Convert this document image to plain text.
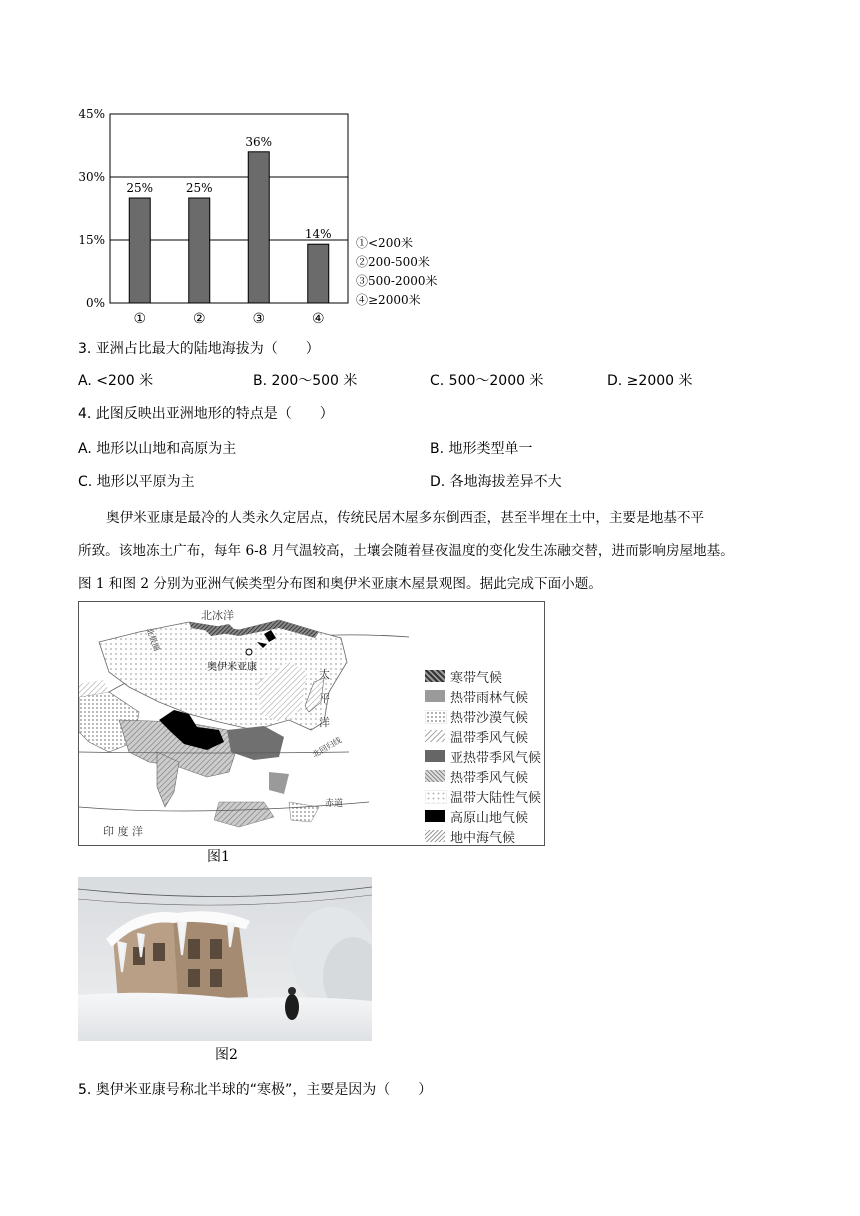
25%	25%
36%
14%
0%
15%
30%
45%
①	②	③	④
①<200米
②200-500米
③500-2000米
④≥2000米
3. 亚洲占比最大的陆地海拔为（　　）
A. <200 米	B. 200～500 米	C. 500～2000 米	D. ≥2000 米
4. 此图反映出亚洲地形的特点是（　　）
A. 地形以山地和高原为主	B. 地形类型单一
C. 地形以平原为主	D. 各地海拔差异不大
奥伊米亚康是最冷的人类永久定居点，传统民居木屋多东倒西歪，甚至半埋在土中，主要是地基不平
所致。该地冻土广布，每年 6-8 月气温较高，土壤会随着昼夜温度的变化发生冻融交替，进而影响房屋地基。
图 1 和图 2 分别为亚洲气候类型分布图和奥伊米亚康木屋景观图。据此完成下面小题。
北冰洋
北极圈
奥伊米亚康
太
平
洋
北回归线
赤道
印 度 洋
寒带气候
热带雨林气候
热带沙漠气候
温带季风气候
亚热带季风气候
热带季风气候
温带大陆性气候
高原山地气候
地中海气候
图1
图2
5. 奥伊米亚康号称北半球的“寒极”，主要是因为（　　）
